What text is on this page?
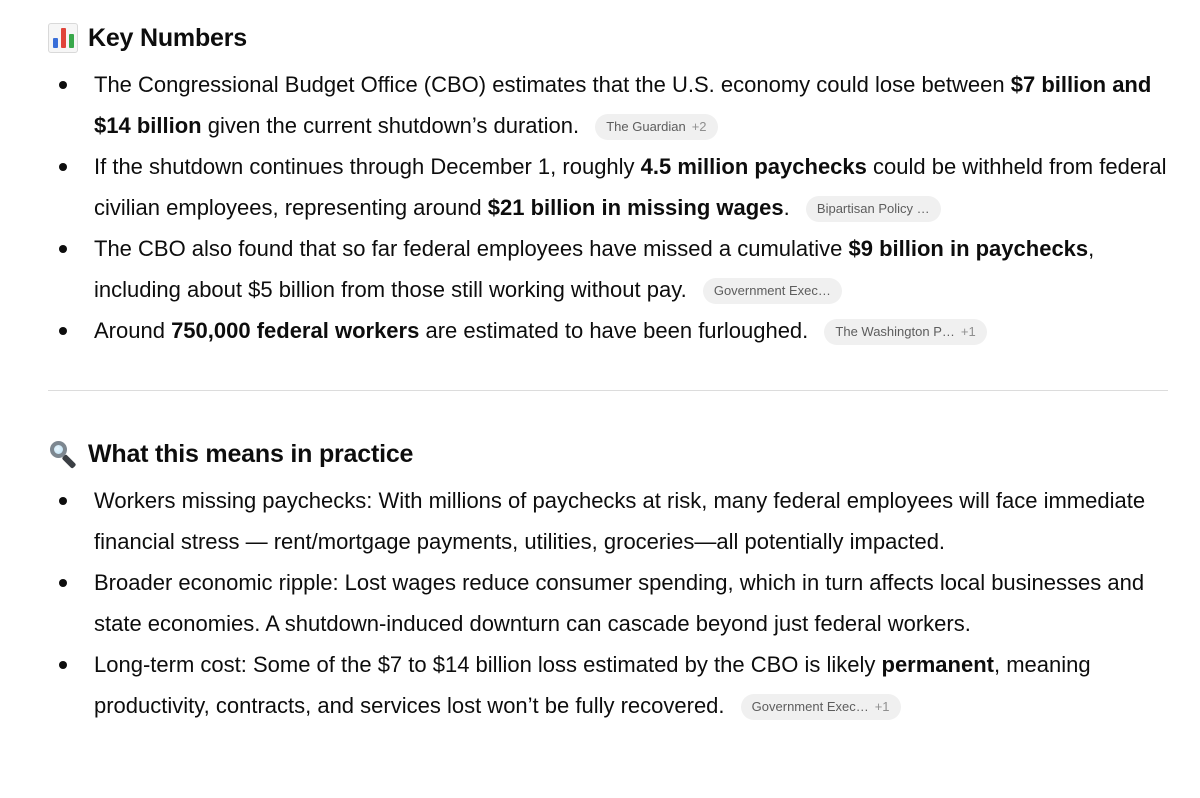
Key Numbers
The Congressional Budget Office (CBO) estimates that the U.S. economy could lose between $7 billion and $14 billion given the current shutdown’s duration. The Guardian +2
If the shutdown continues through December 1, roughly 4.5 million paychecks could be withheld from federal civilian employees, representing around $21 billion in missing wages. Bipartisan Policy …
The CBO also found that so far federal employees have missed a cumulative $9 billion in paychecks, including about $5 billion from those still working without pay. Government Exec…
Around 750,000 federal workers are estimated to have been furloughed. The Washington P… +1
What this means in practice
Workers missing paychecks: With millions of paychecks at risk, many federal employees will face immediate financial stress — rent/mortgage payments, utilities, groceries—all potentially impacted.
Broader economic ripple: Lost wages reduce consumer spending, which in turn affects local businesses and state economies. A shutdown-induced downturn can cascade beyond just federal workers.
Long-term cost: Some of the $7 to $14 billion loss estimated by the CBO is likely permanent, meaning productivity, contracts, and services lost won’t be fully recovered. Government Exec… +1
